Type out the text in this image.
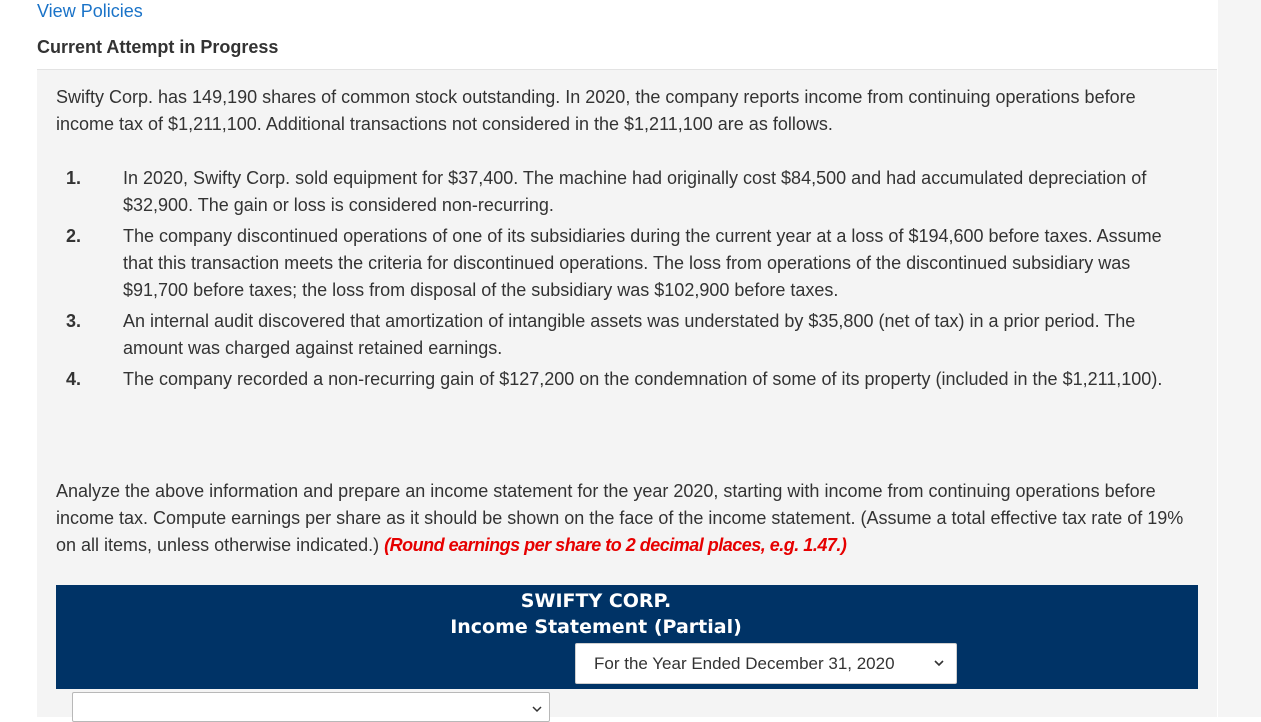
View Policies
Current Attempt in Progress

Swifty Corp. has 149,190 shares of common stock outstanding. In 2020, the company reports income from continuing operations before income tax of $1,211,100. Additional transactions not considered in the $1,211,100 are as follows.

1. In 2020, Swifty Corp. sold equipment for $37,400. The machine had originally cost $84,500 and had accumulated depreciation of $32,900. The gain or loss is considered non-recurring.
2. The company discontinued operations of one of its subsidiaries during the current year at a loss of $194,600 before taxes. Assume that this transaction meets the criteria for discontinued operations. The loss from operations of the discontinued subsidiary was $91,700 before taxes; the loss from disposal of the subsidiary was $102,900 before taxes.
3. An internal audit discovered that amortization of intangible assets was understated by $35,800 (net of tax) in a prior period. The amount was charged against retained earnings.
4. The company recorded a non-recurring gain of $127,200 on the condemnation of some of its property (included in the $1,211,100).

Analyze the above information and prepare an income statement for the year 2020, starting with income from continuing operations before income tax. Compute earnings per share as it should be shown on the face of the income statement. (Assume a total effective tax rate of 19% on all items, unless otherwise indicated.) (Round earnings per share to 2 decimal places, e.g. 1.47.)

SWIFTY CORP.
Income Statement (Partial)
For the Year Ended December 31, 2020
